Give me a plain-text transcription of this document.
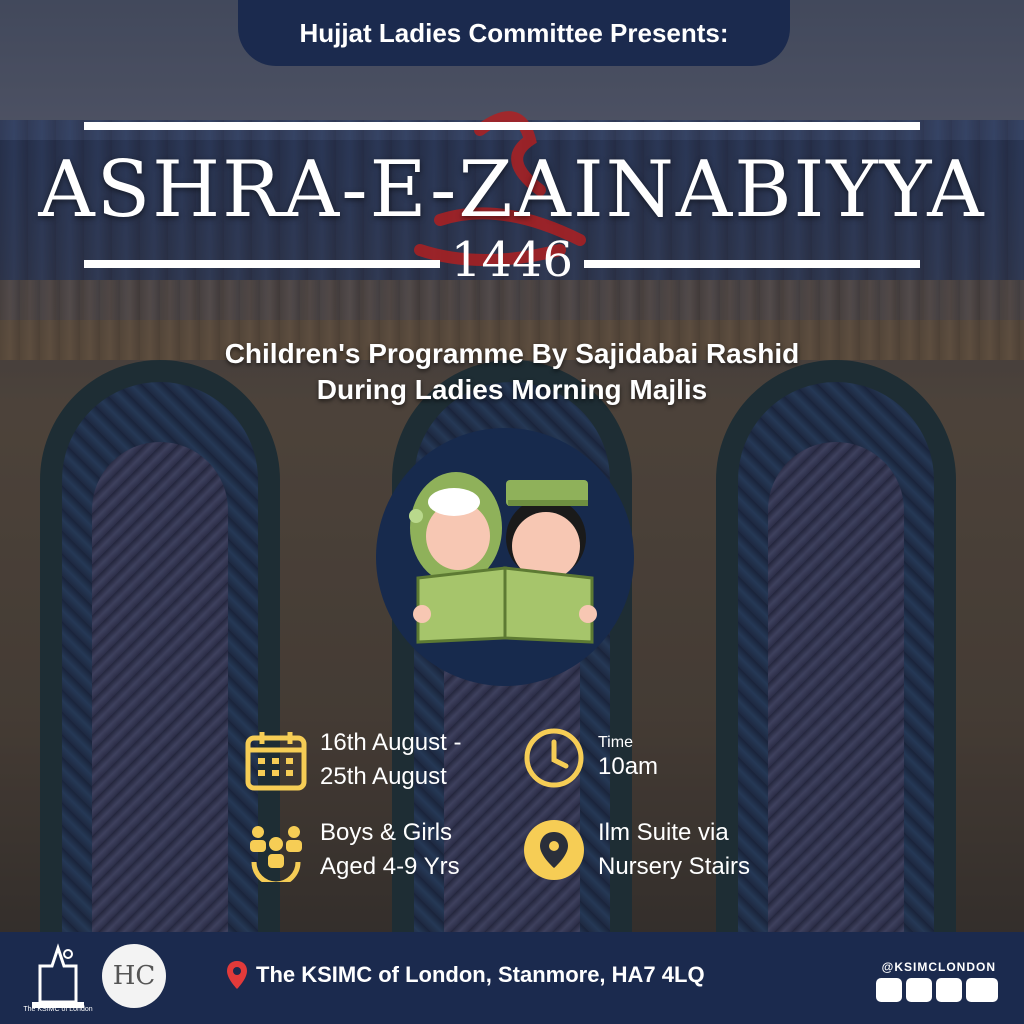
Hujjat Ladies Committee Presents:
ASHRA-E-ZAINABIYYA
1446
Children's Programme By Sajidabai Rashid
During Ladies Morning Majlis
16th August -
25th August
Time
10am
Boys & Girls
Aged 4-9 Yrs
Ilm Suite via
Nursery Stairs
The KSIMC of London
HC	The KSIMC of London, Stanmore, HA7 4LQ	@KSIMCLONDON
